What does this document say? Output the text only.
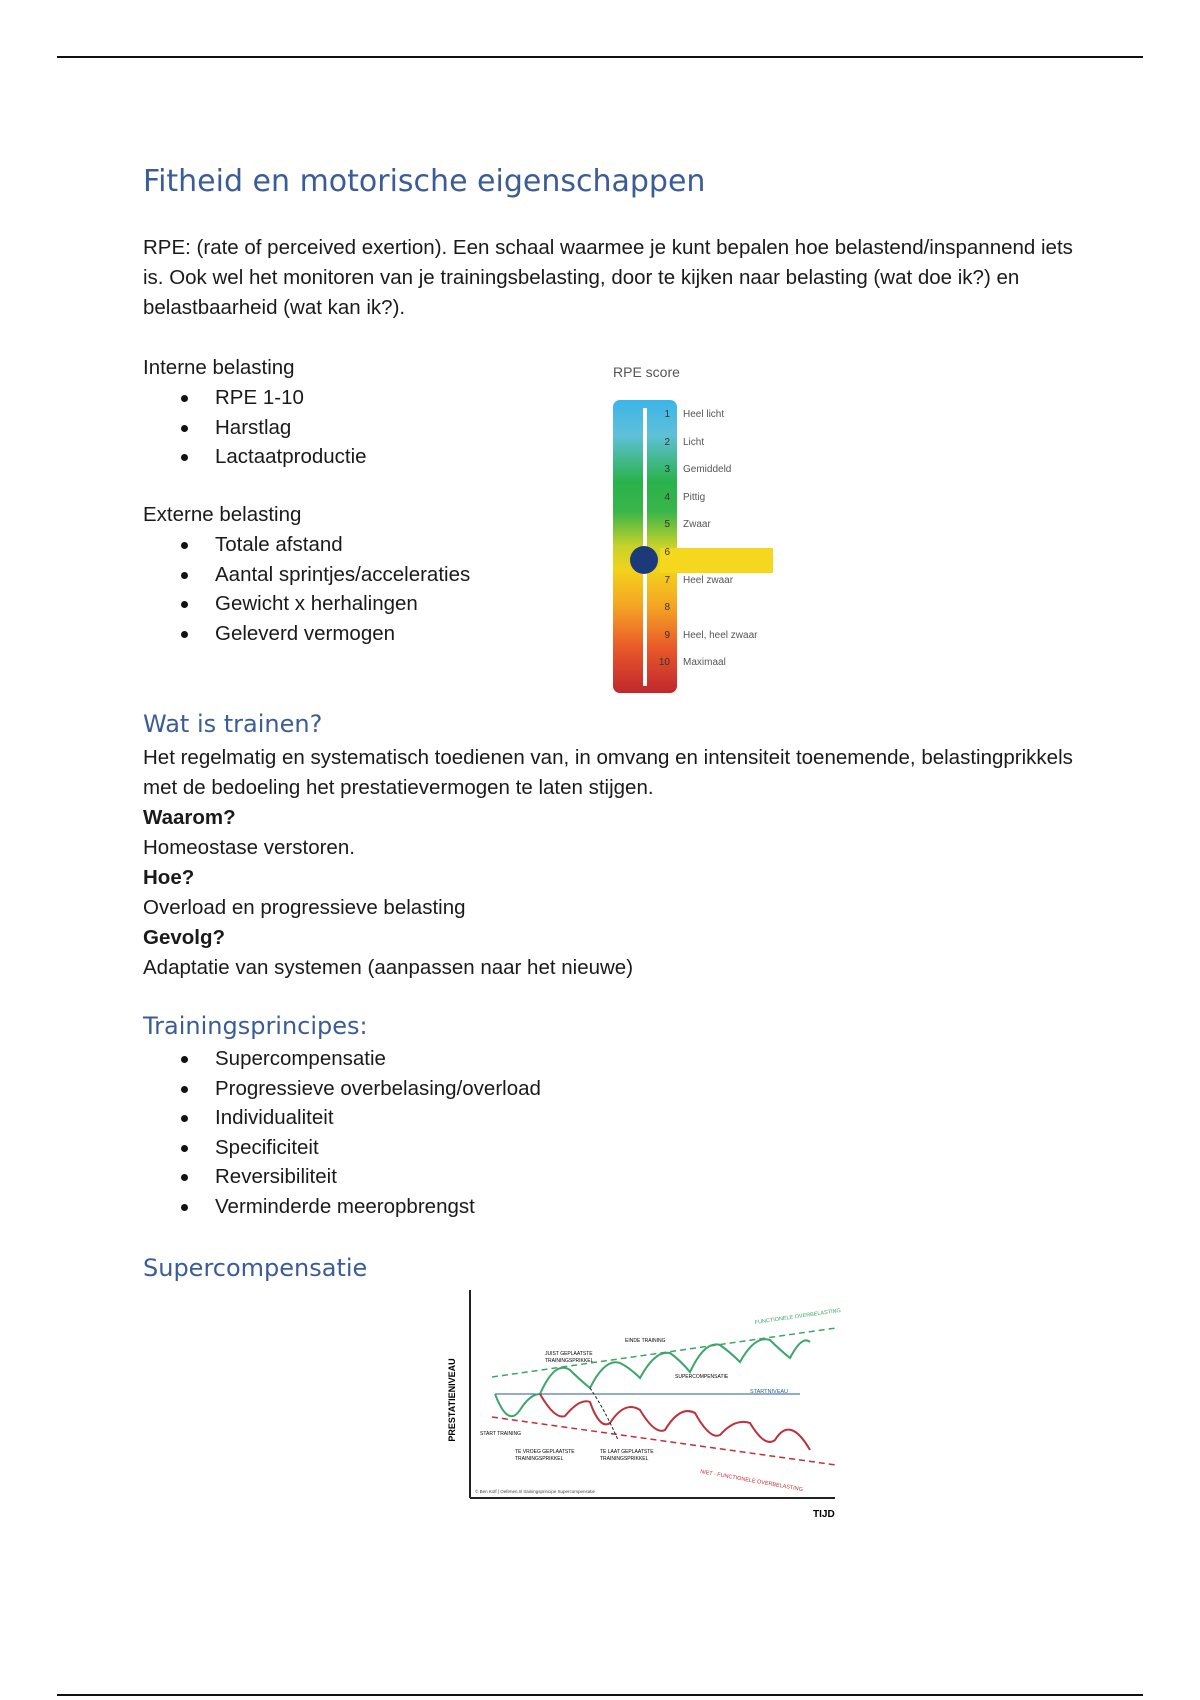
Fitheid en motorische eigenschappen
RPE: (rate of perceived exertion). Een schaal waarmee je kunt bepalen hoe belastend/inspannend iets is. Ook wel het monitoren van je trainingsbelasting, door te kijken naar belasting (wat doe ik?) en belastbaarheid (wat kan ik?).
Interne belasting
RPE 1-10
Harstlag
Lactaatproductie
Externe belasting
Totale afstand
Aantal sprintjes/acceleraties
Gewicht x herhalingen
Geleverd vermogen
RPE score
1 Heel licht
2 Licht
3 Gemiddeld
4 Pittig
5 Zwaar
6
7 Heel zwaar
8
9 Heel, heel zwaar
10 Maximaal
Wat is trainen?
Het regelmatig en systematisch toedienen van, in omvang en intensiteit toenemende, belastingprikkels met de bedoeling het prestatievermogen te laten stijgen.
Waarom?
Homeostase verstoren.
Hoe?
Overload en progressieve belasting
Gevolg?
Adaptatie van systemen (aanpassen naar het nieuwe)
Trainingsprincipes:
Supercompensatie
Progressieve overbelasing/overload
Individualiteit
Specificiteit
Reversibiliteit
Verminderde meeropbrengst
Supercompensatie
PRESTATIENIVEAU
TIJD
FUNCTIONELE OVERBELASTING
NIET - FUNCTIONELE OVERBELASTING
STARTNIVEAU
START TRAINING
JUIST GEPLAATSTE
TRAININGSPRIKKEL
EINDE TRAINING
SUPERCOMPENSATIE
TE VROEG GEPLAATSTE
TRAININGSPRIKKEL
TE LAAT GEPLAATSTE
TRAININGSPRIKKEL
© Ben Kolf | Oefenen.nl trainingsprincipe Supercompensatie
